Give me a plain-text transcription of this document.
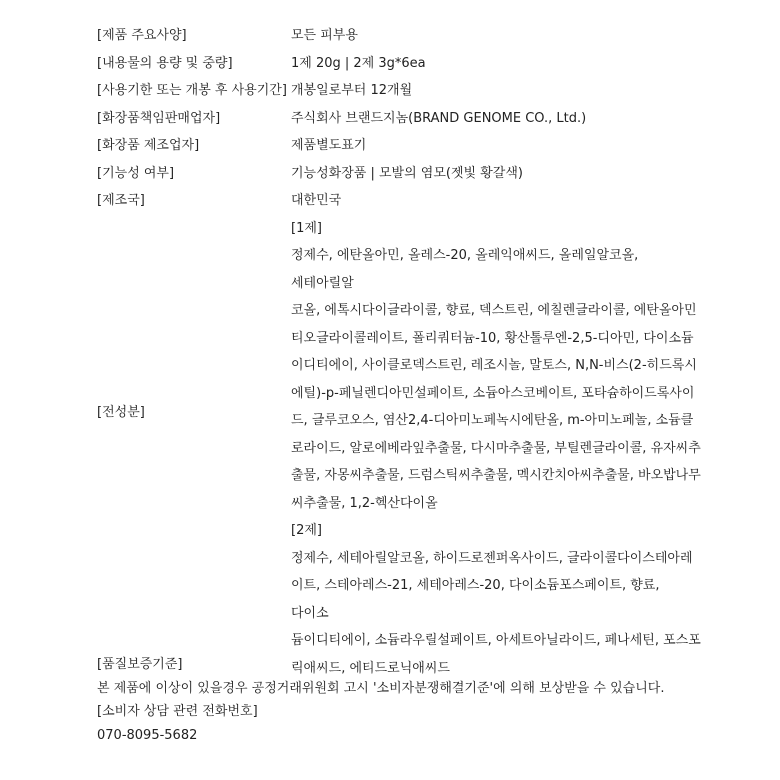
[제품 주요사양]	모든 피부용
[내용물의 용량 및 중량]	1제 20g | 2제 3g*6ea
[사용기한 또는 개봉 후 사용기간] 개봉일로부터 12개월
[화장품책임판매업자]	주식회사 브랜드지놈(BRAND GENOME CO., Ltd.)
[화장품 제조업자]	제품별도표기
[기능성 여부]	기능성화장품 | 모발의 염모(젯빛 황갈색)
[제조국]	대한민국
[전성분]
[1제]
정제수, 에탄올아민, 올레스-20, 올레익애씨드, 올레일알코올, 세테아릴알
코올, 에톡시다이글라이콜, 향료, 덱스트린, 에칠렌글라이콜, 에탄올아민
티오글라이콜레이트, 폴리쿼터늄-10, 황산톨루엔-2,5-디아민, 다이소듐
이디티에이, 사이클로덱스트린, 레조시놀, 말토스, N,N-비스(2-히드록시
에틸)-p-페닐렌디아민설페이트, 소듐아스코베이트, 포타슘하이드록사이
드, 글루코오스, 염산2,4-디아미노페녹시에탄올, m-아미노페놀, 소듐클
로라이드, 알로에베라잎추출물, 다시마추출물, 부틸렌글라이콜, 유자씨추
출물, 자몽씨추출물, 드럼스틱씨추출물, 멕시칸치아씨추출물, 바오밥나무
씨추출물, 1,2-헥산다이올
[2제]
정제수, 세테아릴알코올, 하이드로젠퍼옥사이드, 글라이콜다이스테아레
이트, 스테아레스-21, 세테아레스-20, 다이소듐포스페이트, 향료, 다이소
듐이디티에이, 소듐라우릴설페이트, 아세트아닐라이드, 페나세틴, 포스포
릭애씨드, 에티드로닉애씨드
[품질보증기준]
본 제품에 이상이 있을경우 공정거래위원회 고시 '소비자분쟁해결기준'에 의해 보상받을 수 있습니다.
[소비자 상담 관련 전화번호]
070-8095-5682
